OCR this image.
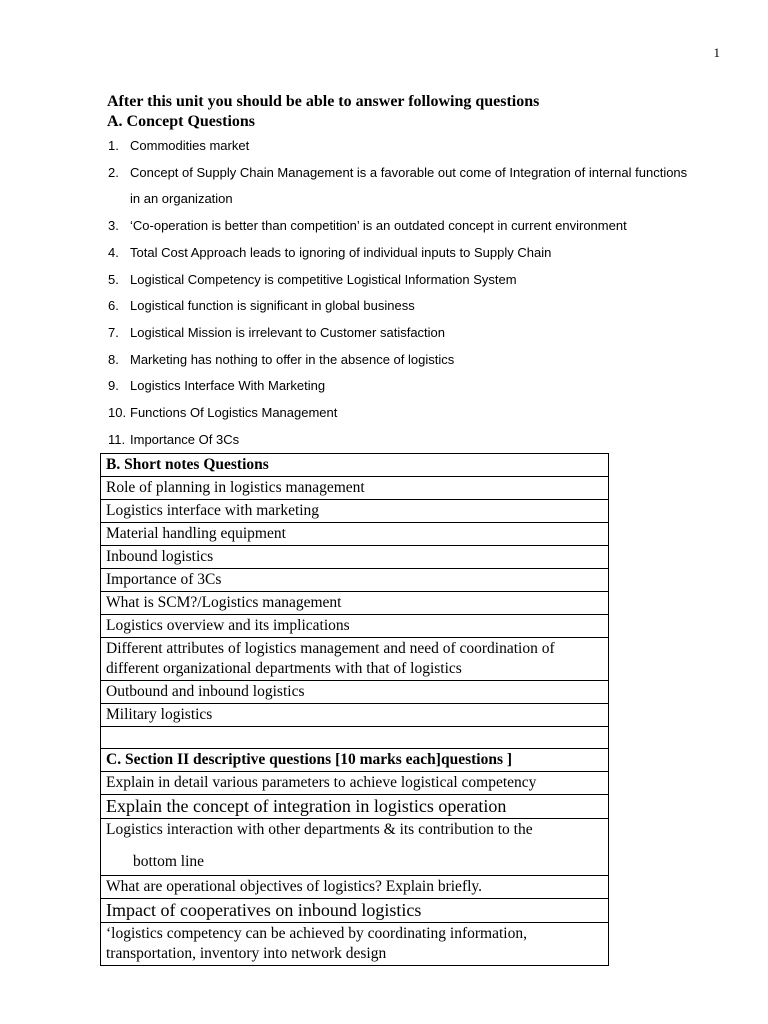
1
After this unit you should be able to answer following questions
A. Concept Questions
1. Commodities market
2. Concept of Supply Chain Management is a favorable out come of Integration of internal functions
in an organization
3. ‘Co-operation is better than competition’ is an outdated concept in current environment
4. Total Cost Approach leads to ignoring of individual inputs to Supply Chain
5. Logistical Competency is competitive Logistical Information System
6. Logistical function is significant in global business
7. Logistical Mission is irrelevant to Customer satisfaction
8. Marketing has nothing to offer in the absence of logistics
9. Logistics Interface With Marketing
10. Functions Of Logistics Management
11. Importance Of 3Cs
B. Short notes Questions
Role of planning in logistics management
Logistics interface with marketing
Material handling equipment
Inbound logistics
Importance of 3Cs
What is SCM?/Logistics management
Logistics overview and its implications
Different attributes of logistics management and need of coordination of different organizational departments with that of logistics
Outbound and inbound logistics
Military logistics

C. Section II descriptive questions [10 marks each]questions ]
Explain in detail various parameters to achieve logistical competency
Explain the concept of integration in logistics operation
Logistics interaction with other departments & its contribution to the
bottom line

What are operational objectives of logistics? Explain briefly.
Impact of cooperatives on inbound logistics
‘logistics competency can be achieved by coordinating information, transportation, inventory into network design
